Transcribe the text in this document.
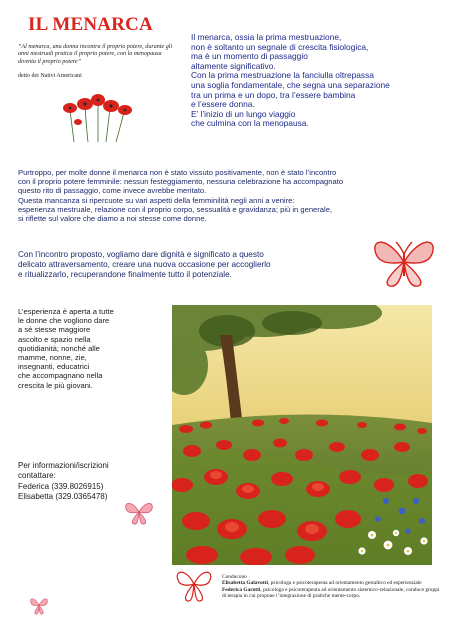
IL MENARCA
“Al menarca, una donna incontra il proprio potere, durante gli anni mestruali pratica il proprio potere, con la menopausa diventa il proprio potere”
detto dei Nativi Americani

Il menarca, ossia la prima mestruazione,

non è soltanto un segnale di crescita fisiologica,

ma è un momento di passaggio

altamente significativo.

Con la prima mestruazione la fanciulla oltrepassa

una soglia fondamentale, che segna una separazione

tra un prima e un dopo, tra l’essere bambina

e l’essere donna.

E’ l’inizio di un lungo viaggio

che culmina con la menopausa.

Purtroppo, per molte donne il menarca non è stato vissuto positivamente, non è stato l’incontro
con il proprio potere femminile: nessun festeggiamento, nessuna celebrazione ha accompagnato
questo rito di passaggio, come invece avrebbe meritato.
Questa mancanza si ripercuote su vari aspetti della femminilità negli anni a venire:
esperienza mestruale, relazione con il proprio corpo, sessualità e gravidanza; più in generale,
si riflette sul valore che diamo a noi stesse come donne.
Con l’incontro proposto, vogliamo dare dignità e significato a questo
delicato attraversamento, creare una nuova occasione per accoglierlo
e ritualizzarlo, recuperandone finalmente tutto il potenziale.
L’esperienza è aperta a tutte
le donne che vogliono dare
a sé stesse maggiore
ascolto e spazio nella
quotidianità; nonché alle
mamme, nonne, zie,
insegnanti, educatrici
che accompagnano nella
crescita le più giovani.
Per informazioni/iscrizioni
contattare:
Federica (339.8026915)
Elisabetta (329.0365478)
Conducono
Elisabetta Galavotti, psicologa e psicoterapeuta ad orientamento gestaltico ed esperienziale
Federica Garotti, psicologa e psicoterapeuta ad orientamento sistemico-relazionale, conduce gruppi di terapia in cui propone l’integrazione di pratiche mente-corpo.
